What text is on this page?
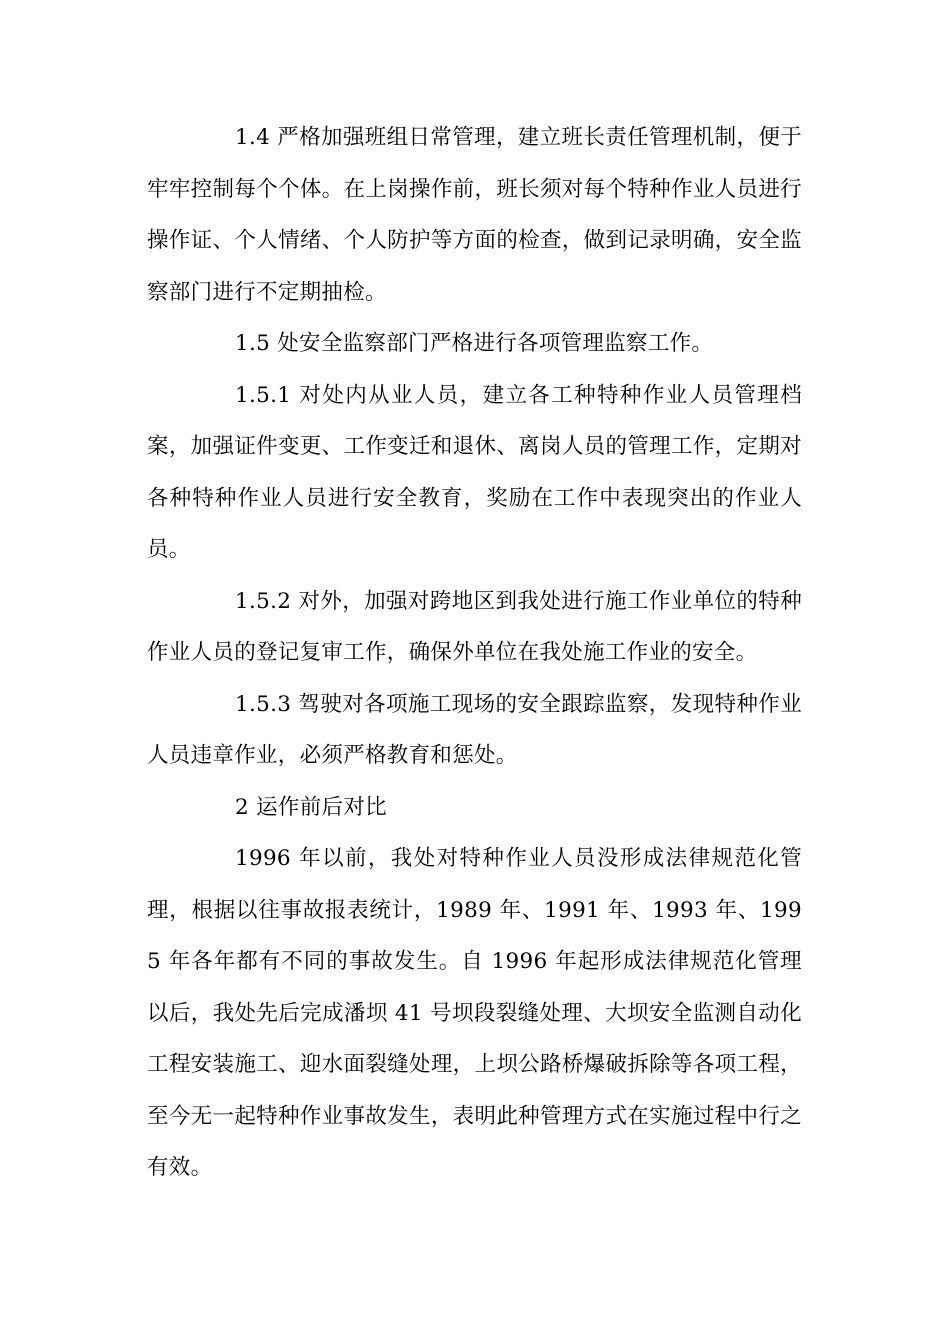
1.4 严格加强班组日常管理，建立班长责任管理机制，便于牢牢控制每个个体。在上岗操作前，班长须对每个特种作业人员进行操作证、个人情绪、个人防护等方面的检查，做到记录明确，安全监察部门进行不定期抽检。

1.5 处安全监察部门严格进行各项管理监察工作。

1.5.1 对处内从业人员，建立各工种特种作业人员管理档案，加强证件变更、工作变迁和退休、离岗人员的管理工作，定期对各种特种作业人员进行安全教育，奖励在工作中表现突出的作业人员。

1.5.2 对外，加强对跨地区到我处进行施工作业单位的特种作业人员的登记复审工作，确保外单位在我处施工作业的安全。

1.5.3 驾驶对各项施工现场的安全跟踪监察，发现特种作业人员违章作业，必须严格教育和惩处。

2 运作前后对比

1996 年以前，我处对特种作业人员没形成法律规范化管理，根据以往事故报表统计，1989 年、1991 年、1993 年、1995 年各年都有不同的事故发生。自 1996 年起形成法律规范化管理以后，我处先后完成潘坝 41 号坝段裂缝处理、大坝安全监测自动化工程安装施工、迎水面裂缝处理，上坝公路桥爆破拆除等各项工程，至今无一起特种作业事故发生，表明此种管理方式在实施过程中行之有效。
